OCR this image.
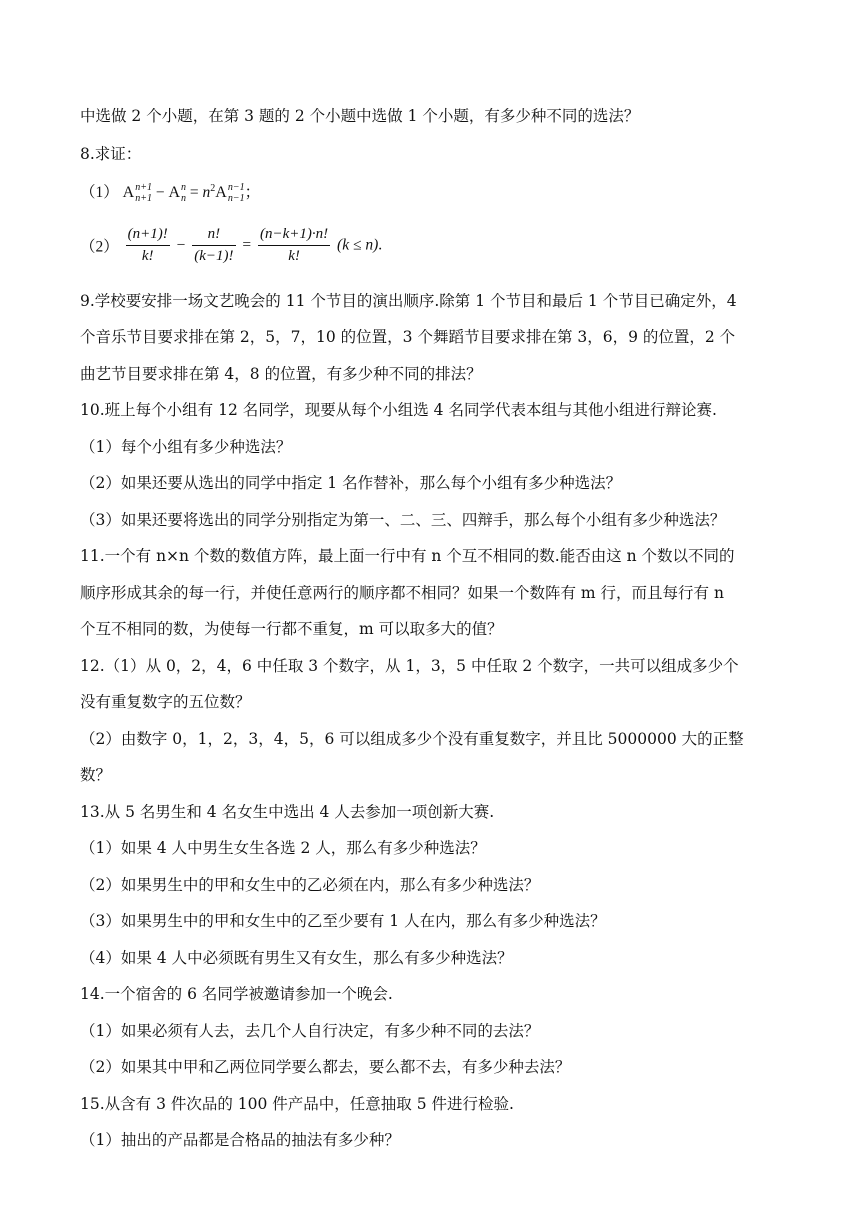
中选做 2 个小题，在第 3 题的 2 个小题中选做 1 个小题，有多少种不同的选法？
8.求证：
（1） A n+1
n+1 − A n
$n = n^2A$ n−1
n−1 ；
$(2) \frac{(n+1)!}{k!} - \frac{n!}{(k-1)!} = \frac{(n-k+1)\cdot n!}{k!} (k \le n)$.
9.学校要安排一场文艺晚会的 11 个节目的演出顺序.除第 1 个节目和最后 1 个节目已确定外，4
个音乐节目要求排在第 2，5，7，10 的位置，3 个舞蹈节目要求排在第 3，6，9 的位置，2 个
曲艺节目要求排在第 4，8 的位置，有多少种不同的排法？
10.班上每个小组有 12 名同学，现要从每个小组选 4 名同学代表本组与其他小组进行辩论赛.
（1）每个小组有多少种选法？
（2）如果还要从选出的同学中指定 1 名作替补，那么每个小组有多少种选法？
（3）如果还要将选出的同学分别指定为第一、二、三、四辩手，那么每个小组有多少种选法？
11.一个有 n×n 个数的数值方阵，最上面一行中有 n 个互不相同的数.能否由这 n 个数以不同的
顺序形成其余的每一行，并使任意两行的顺序都不相同？如果一个数阵有 m 行，而且每行有 n
个互不相同的数，为使每一行都不重复，m 可以取多大的值？
12.（1）从 0，2，4，6 中任取 3 个数字，从 1，3，5 中任取 2 个数字，一共可以组成多少个
没有重复数字的五位数？
（2）由数字 0，1，2，3，4，5，6 可以组成多少个没有重复数字，并且比 5000000 大的正整
数？
13.从 5 名男生和 4 名女生中选出 4 人去参加一项创新大赛.
（1）如果 4 人中男生女生各选 2 人，那么有多少种选法？
（2）如果男生中的甲和女生中的乙必须在内，那么有多少种选法？
（3）如果男生中的甲和女生中的乙至少要有 1 人在内，那么有多少种选法？
（4）如果 4 人中必须既有男生又有女生，那么有多少种选法？
14.一个宿舍的 6 名同学被邀请参加一个晚会.
（1）如果必须有人去，去几个人自行决定，有多少种不同的去法？
（2）如果其中甲和乙两位同学要么都去，要么都不去，有多少种去法？
15.从含有 3 件次品的 100 件产品中，任意抽取 5 件进行检验.
（1）抽出的产品都是合格品的抽法有多少种？
